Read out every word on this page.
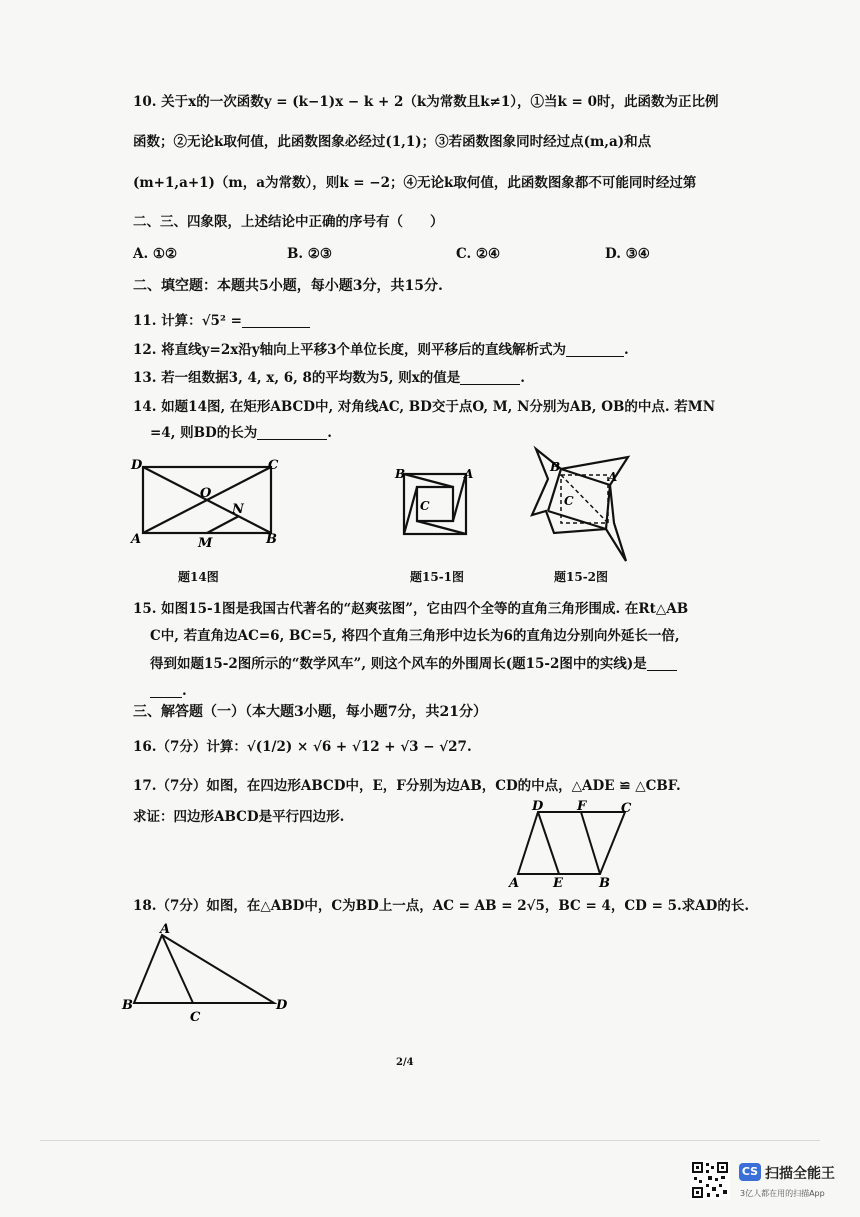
10. 关于x的一次函数y = (k−1)x − k + 2（k为常数且k≠1），①当k = 0时，此函数为正比例
函数；②无论k取何值，此函数图象必经过(1,1)；③若函数图象同时经过点(m,a)和点
(m+1,a+1)（m，a为常数），则k = −2；④无论k取何值，此函数图象都不可能同时经过第
二、三、四象限，上述结论中正确的序号有（　　）
A. ①②	B. ②③	C. ②④	D. ③④
二、填空题：本题共5小题，每小题3分，共15分.
11. 计算：√5² =
12. 将直线y=2x沿y轴向上平移3个单位长度，则平移后的直线解析式为	.
13. 若一组数据3, 4, x, 6, 8的平均数为5, 则x的值是	.
14. 如题14图, 在矩形ABCD中, 对角线AC, BD交于点O, M, N分别为AB, OB的中点. 若MN
=4, 则BD的长为	.
D	C
O
N
A	M	B
B	A
C
B
A
C
题14图	题15-1图	题15-2图
15. 如图15-1图是我国古代著名的“赵爽弦图”，它由四个全等的直角三角形围成. 在Rt△AB
C中, 若直角边AC=6, BC=5, 将四个直角三角形中边长为6的直角边分别向外延长一倍,
得到如题15-2图所示的“数学风车”, 则这个风车的外围周长(题15-2图中的实线)是
.
三、解答题（一）（本大题3小题，每小题7分，共21分）
16.（7分）计算：√(1/2) × √6 + √12 + √3 − √27.
17.（7分）如图，在四边形ABCD中，E，F分别为边AB，CD的中点，△ADE ≌ △CBF.
求证：四边形ABCD是平行四边形.
D	F	C
A	E	B
18.（7分）如图，在△ABD中，C为BD上一点，AC = AB = 2√5，BC = 4，CD = 5.求AD的长.
A
B
C
D
2/4
CS 扫描全能王
3亿人都在用的扫描App
